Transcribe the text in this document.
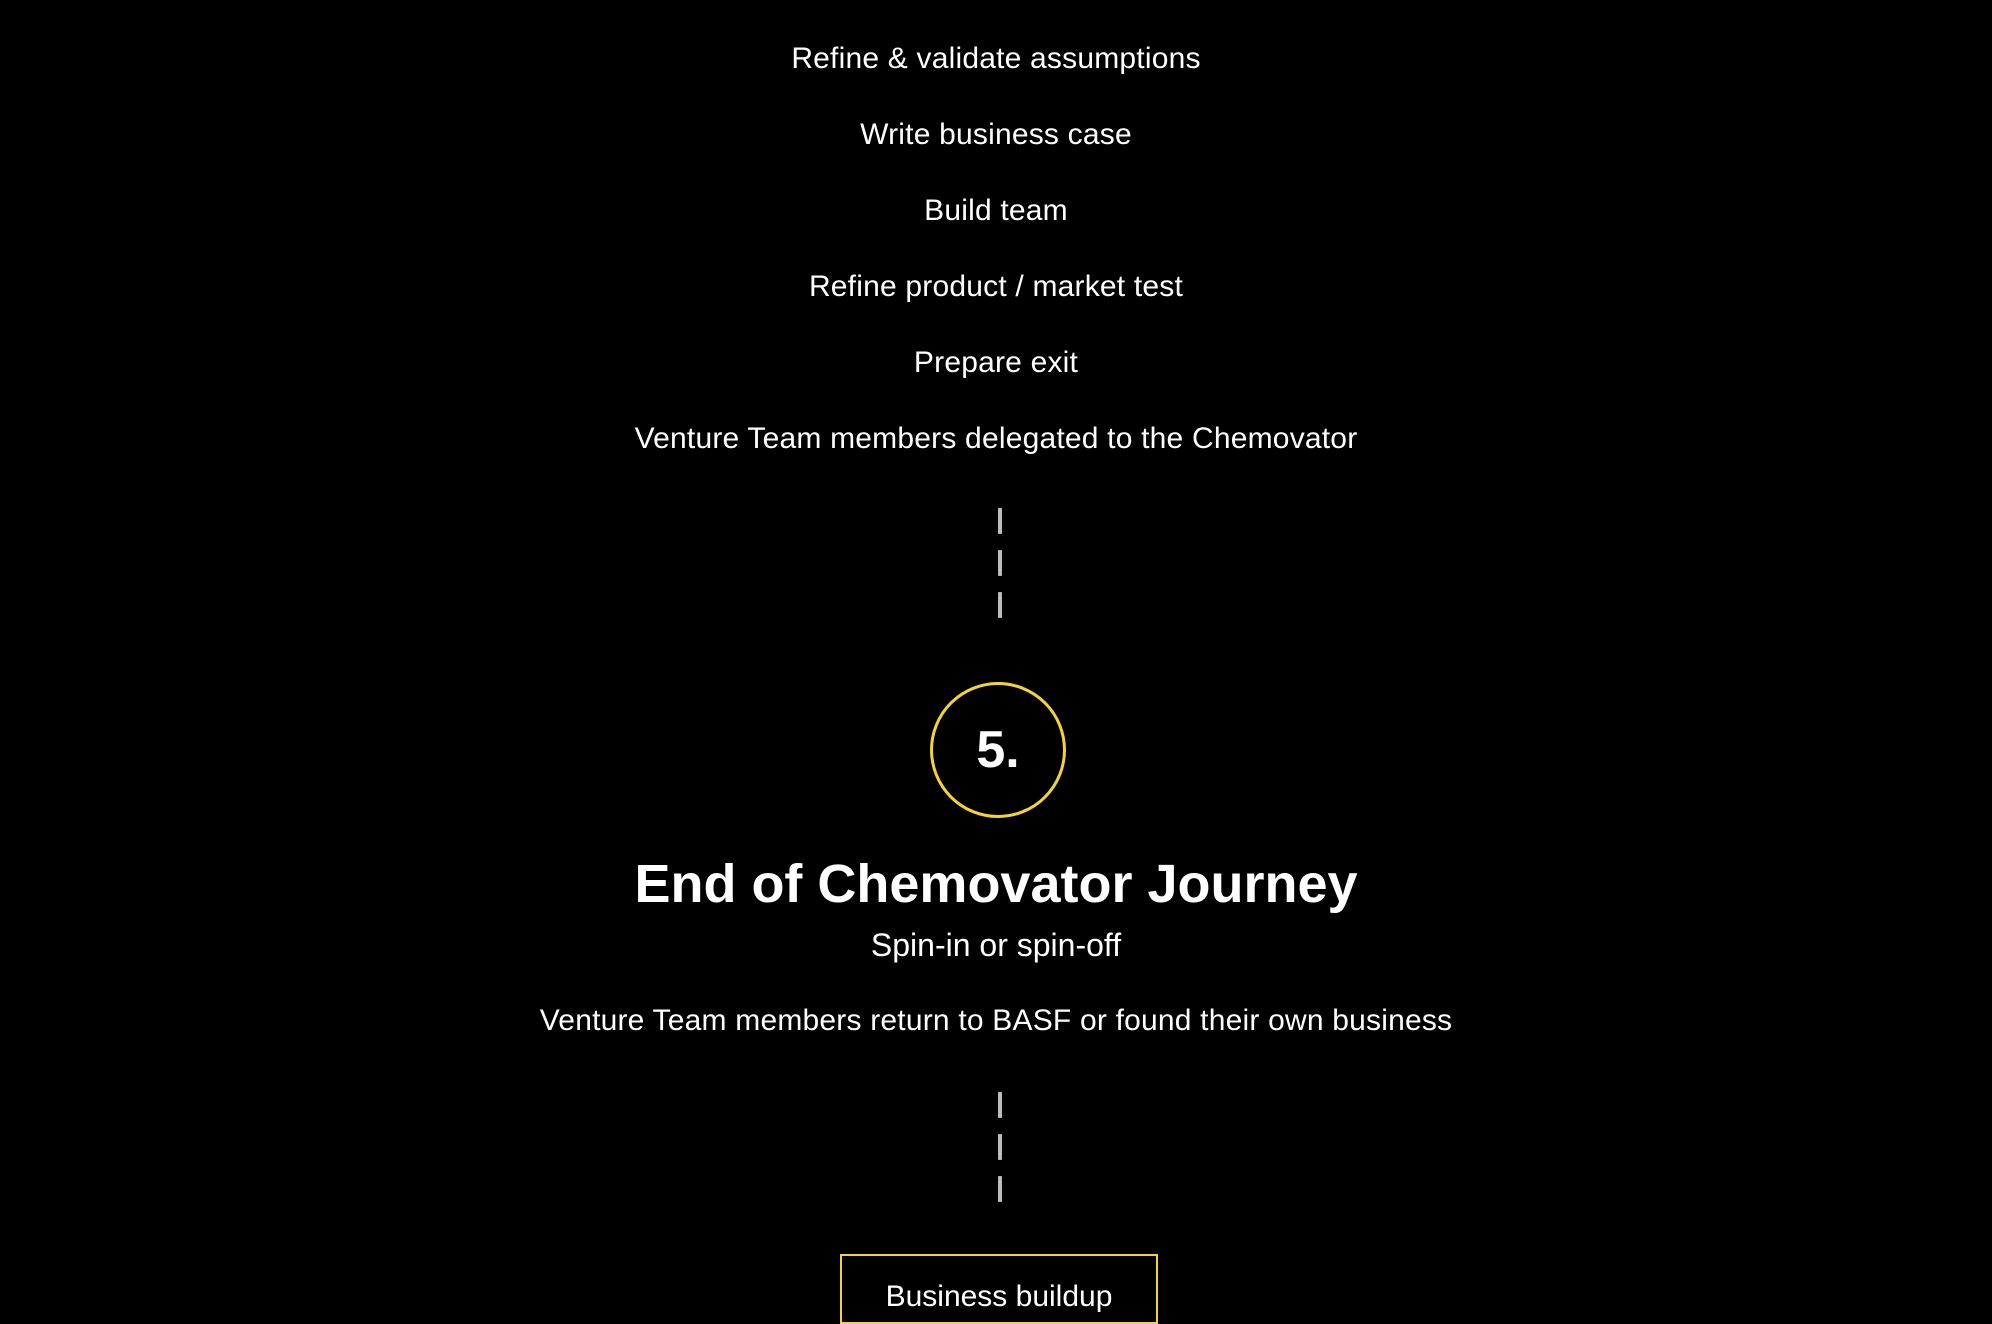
Refine & validate assumptions
Write business case
Build team
Refine product / market test
Prepare exit
Venture Team members delegated to the Chemovator
5.
End of Chemovator Journey
Spin-in or spin-off
Venture Team members return to BASF or found their own business
Business buildup
